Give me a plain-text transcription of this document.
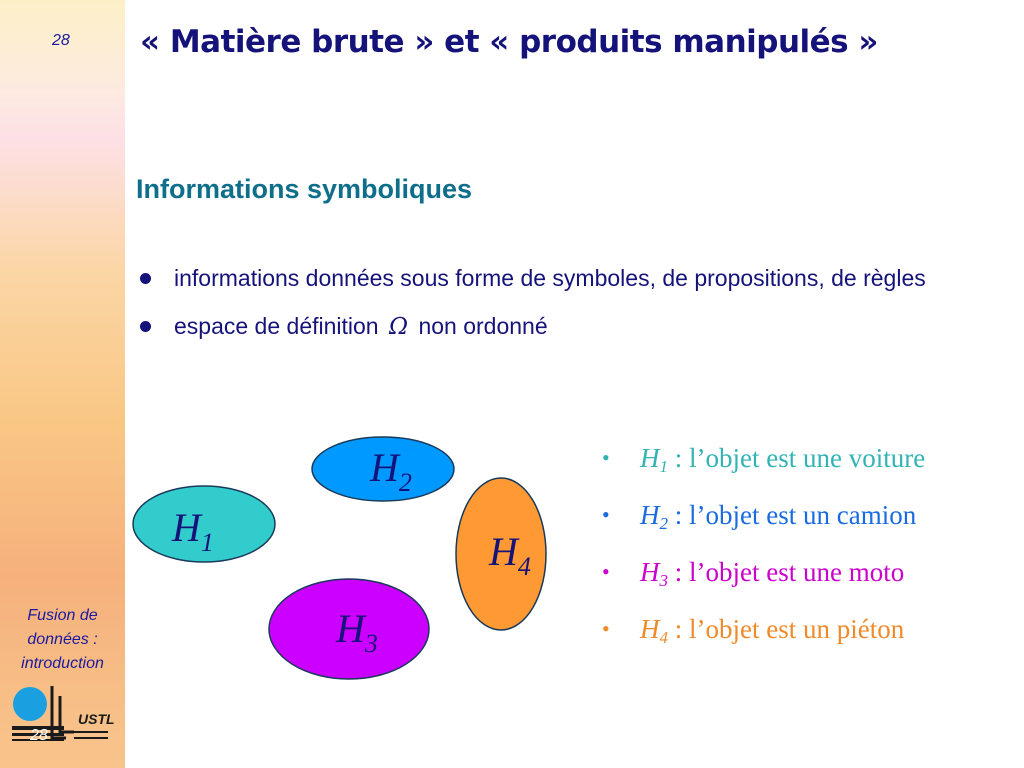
28
Fusion de
données :
introduction
USTL
28
« Matière brute » et « produits manipulés »
Informations symboliques
informations données sous forme de symboles, de propositions, de règles
espace de définition Ω non ordonné
$H_1$
$H_2$
$H_3$
$H_4$
• $H_1$ : l’objet est une voiture
• $H_2$ : l’objet est un camion
• $H_3$ : l’objet est une moto
• $H_4$ : l’objet est un piéton
